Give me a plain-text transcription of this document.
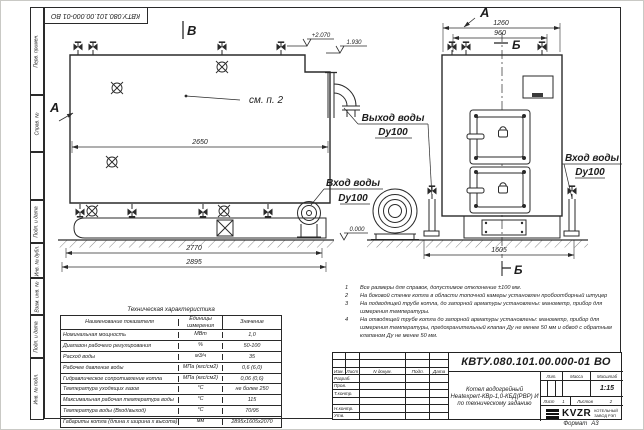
Перв. примен.
Справ. №
Подп. и дата
Инв. № дубл.
Взам. инв. №
Подп. и дата
Инв. № подл.
КВТУ.080.101.00.000-01 ВО
2650
2770
2895
1260
960
1605
+2.070
1.930
0.000
В
А
А
Б
Б
см. п. 2
Выход воды
Dy100
Вход воды
Dy100
Вход воды
Dy100
Техническая характеристика
Наименование показателя
Единицы измерения
Значение
Номинальная мощность	МВт	1,0
Диапазон рабочего регулирования	%	50-100
Расход воды	м3/ч	35
Рабочее давление воды	МПа (кгс/см2)	0,6 (6,0)
Гидравлическое сопротивление котла	МПа (кгс/см2)	0,06 (0,6)
Температура уходящих газов	°С	не более 250
Максимальная рабочая температура воды	°С	115
Температура воды (Вход/выход)	°С	70/95
Габариты котла (длина х ширина х высота)	мм	2895х1605х2070
1	Все размеры для справок, допустимое отклонение ±100 мм.
2	На боковой стенке котла в области топочной камеры установлен пробоотборный штуцер
3	На подводящей трубе котла, до запорной арматуры установлены: манометр, прибор для измерения температуры.
4	На отводящей трубе котла до запорной арматуры установлены: манометр, прибор для измерения температуры, предохранительный клапан Ду не менее 50 мм и обвод с обратным клапаном Ду не менее 50 мм.
Изм. Лист	N докум.	Подп.	Дата
Разраб.
Пров.
Т.контр.
Н.контр.
Утв.
КВТУ.080.101.00.000-01 ВО
Котел водогрейный
Heatexpert-КВр-1,0-КБД(РВР) И
по техническому заданию
Лит.	Масса	Масштаб
1:15
Лист	1	Листов	2
KVZR КОТЕЛЬНЫЙ
ЗАВОД РЭП
Формат А3
